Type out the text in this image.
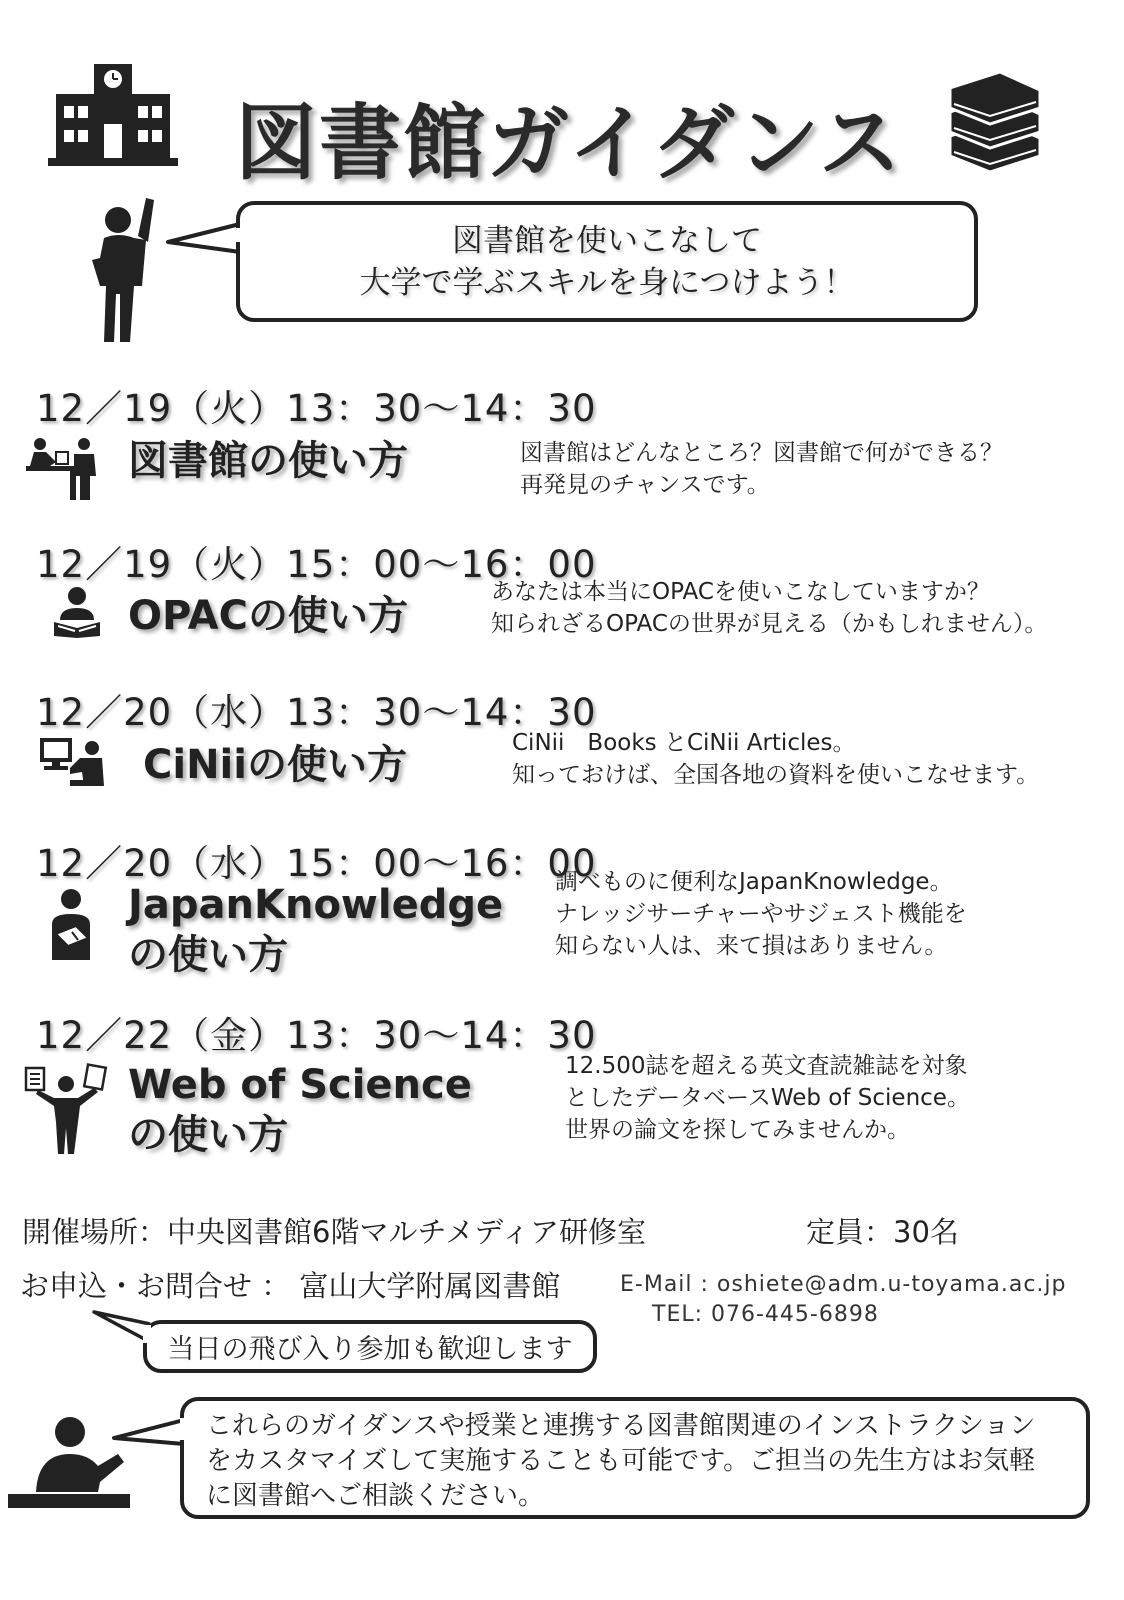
図書館ガイダンス
図書館を使いこなして
大学で学ぶスキルを身につけよう！
12／19（火）13：30～14：30
図書館の使い方	図書館はどんなところ？図書館で何ができる？
再発見のチャンスです。
12／19（火）15：00～16：00
OPACの使い方
あなたは本当にOPACを使いこなしていますか？
知られざるOPACの世界が見える（かもしれません）。
12／20（水）13：30～14：30
CiNiiの使い方	CiNii　Books とCiNii Articles。
知っておけば、全国各地の資料を使いこなせます。
12／20（水）15：00～16：00
JapanKnowledge
の使い方
調べものに便利なJapanKnowledge。
ナレッジサーチャーやサジェスト機能を
知らない人は、来て損はありません。
12／22（金）13：30～14：30
Web of Science
の使い方
12.500誌を超える英文査読雑誌を対象
としたデータベースWeb of Science。
世界の論文を探してみませんか。
開催場所：中央図書館6階マルチメディア研修室	定員：30名
お申込・お問合せ ： 富山大学附属図書館	E-Mail : oshiete@adm.u-toyama.ac.jp
TEL: 076-445-6898
当日の飛び入り参加も歓迎します
これらのガイダンスや授業と連携する図書館関連のインストラクション
をカスタマイズして実施することも可能です。ご担当の先生方はお気軽
に図書館へご相談ください。
